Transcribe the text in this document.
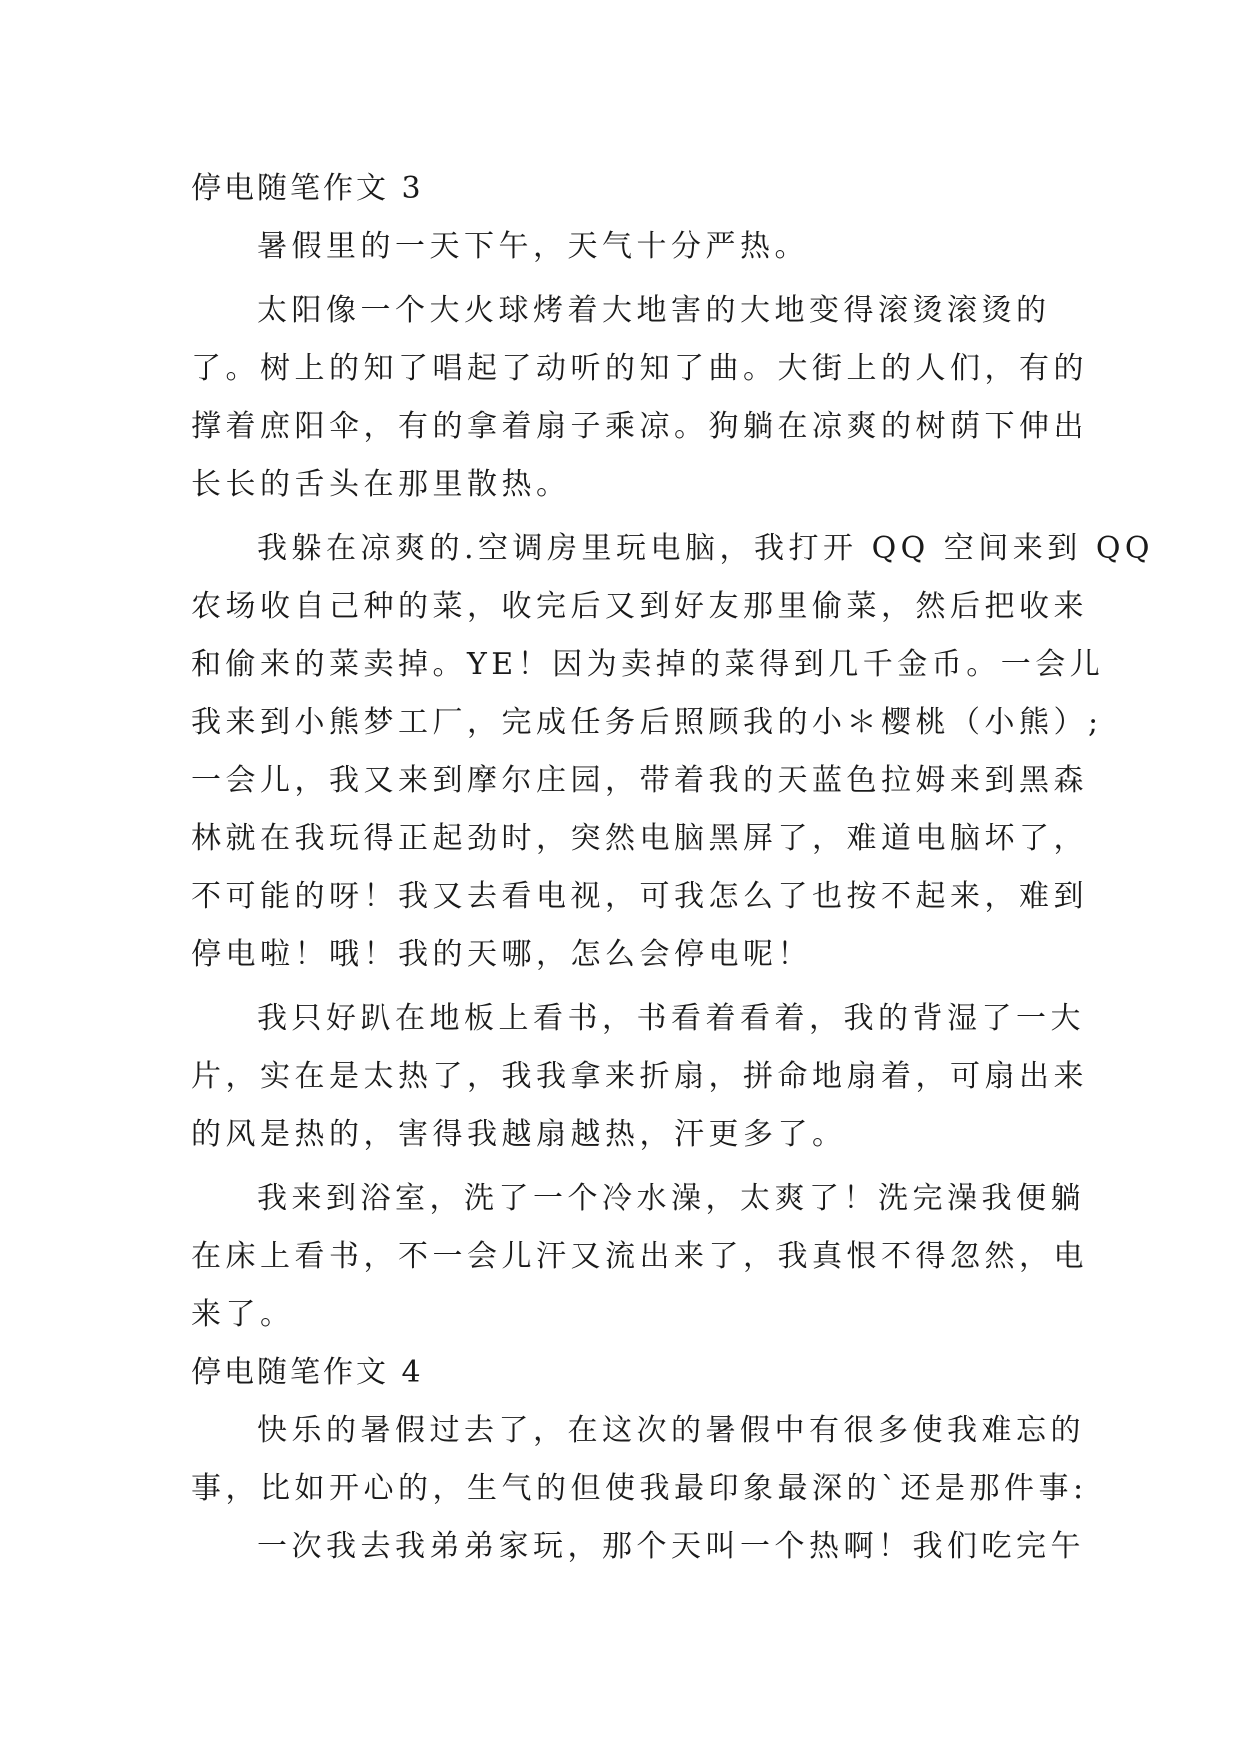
停电随笔作文 3
暑假里的一天下午，天气十分严热。
太阳像一个大火球烤着大地害的大地变得滚烫滚烫的
了。树上的知了唱起了动听的知了曲。大街上的人们，有的
撑着庶阳伞，有的拿着扇子乘凉。狗躺在凉爽的树荫下伸出
长长的舌头在那里散热。
我躲在凉爽的.空调房里玩电脑，我打开 QQ 空间来到 QQ
农场收自己种的菜，收完后又到好友那里偷菜，然后把收来
和偷来的菜卖掉。YE！因为卖掉的菜得到几千金币。一会儿
我来到小熊梦工厂，完成任务后照顾我的小＊樱桃（小熊）;
一会儿，我又来到摩尔庄园，带着我的天蓝色拉姆来到黑森
林就在我玩得正起劲时，突然电脑黑屏了，难道电脑坏了，
不可能的呀！我又去看电视，可我怎么了也按不起来，难到
停电啦！哦！我的天哪，怎么会停电呢！
我只好趴在地板上看书，书看着看着，我的背湿了一大
片，实在是太热了，我我拿来折扇，拼命地扇着，可扇出来
的风是热的，害得我越扇越热，汗更多了。
我来到浴室，洗了一个冷水澡，太爽了！洗完澡我便躺
在床上看书，不一会儿汗又流出来了，我真恨不得忽然，电
来了。
停电随笔作文 4
快乐的暑假过去了，在这次的暑假中有很多使我难忘的
事，比如开心的，生气的但使我最印象最深的`还是那件事:
一次我去我弟弟家玩，那个天叫一个热啊！我们吃完午
